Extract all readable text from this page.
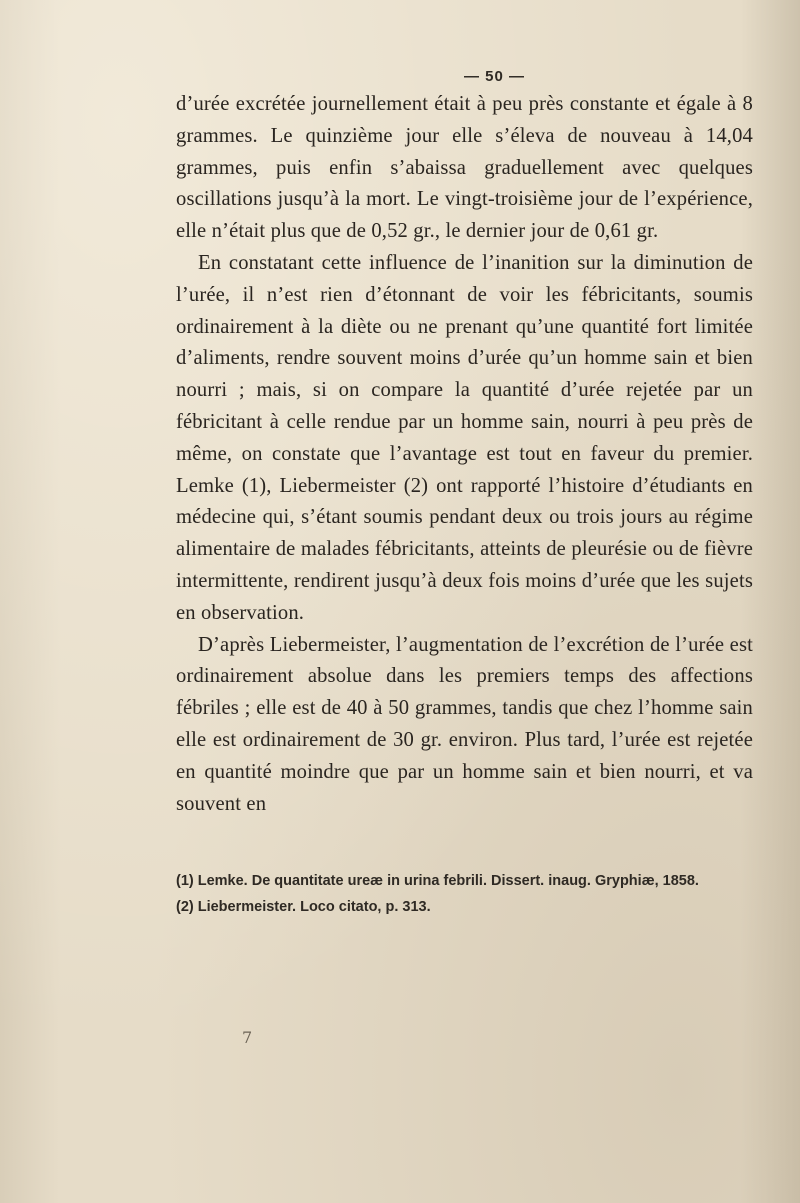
— 50 —

d’urée excrétée journellement était à peu près constante et égale à 8 grammes. Le quinzième jour elle s’éleva de nouveau à 14,04 grammes, puis enfin s’abaissa graduellement avec quelques oscillations jusqu’à la mort. Le vingt-troisième jour de l’expérience, elle n’était plus que de 0,52 gr., le dernier jour de 0,61 gr.

En constatant cette influence de l’inanition sur la diminution de l’urée, il n’est rien d’étonnant de voir les fébricitants, soumis ordinairement à la diète ou ne prenant qu’une quantité fort limitée d’aliments, rendre souvent moins d’urée qu’un homme sain et bien nourri ; mais, si on compare la quantité d’urée rejetée par un fébricitant à celle rendue par un homme sain, nourri à peu près de même, on constate que l’avantage est tout en faveur du premier. Lemke (1), Liebermeister (2) ont rapporté l’histoire d’étudiants en médecine qui, s’étant soumis pendant deux ou trois jours au régime alimentaire de malades fébricitants, atteints de pleurésie ou de fièvre intermittente, rendirent jusqu’à deux fois moins d’urée que les sujets en observation.

D’après Liebermeister, l’augmentation de l’excrétion de l’urée est ordinairement absolue dans les premiers temps des affections fébriles ; elle est de 40 à 50 grammes, tandis que chez l’homme sain elle est ordinairement de 30 gr. environ. Plus tard, l’urée est rejetée en quantité moindre que par un homme sain et bien nourri, et va souvent en

(1) Lemke. De quantitate ureæ in urina febrili. Dissert. inaug. Gryphiæ, 1858.

(2) Liebermeister. Loco citato, p. 313.

7
